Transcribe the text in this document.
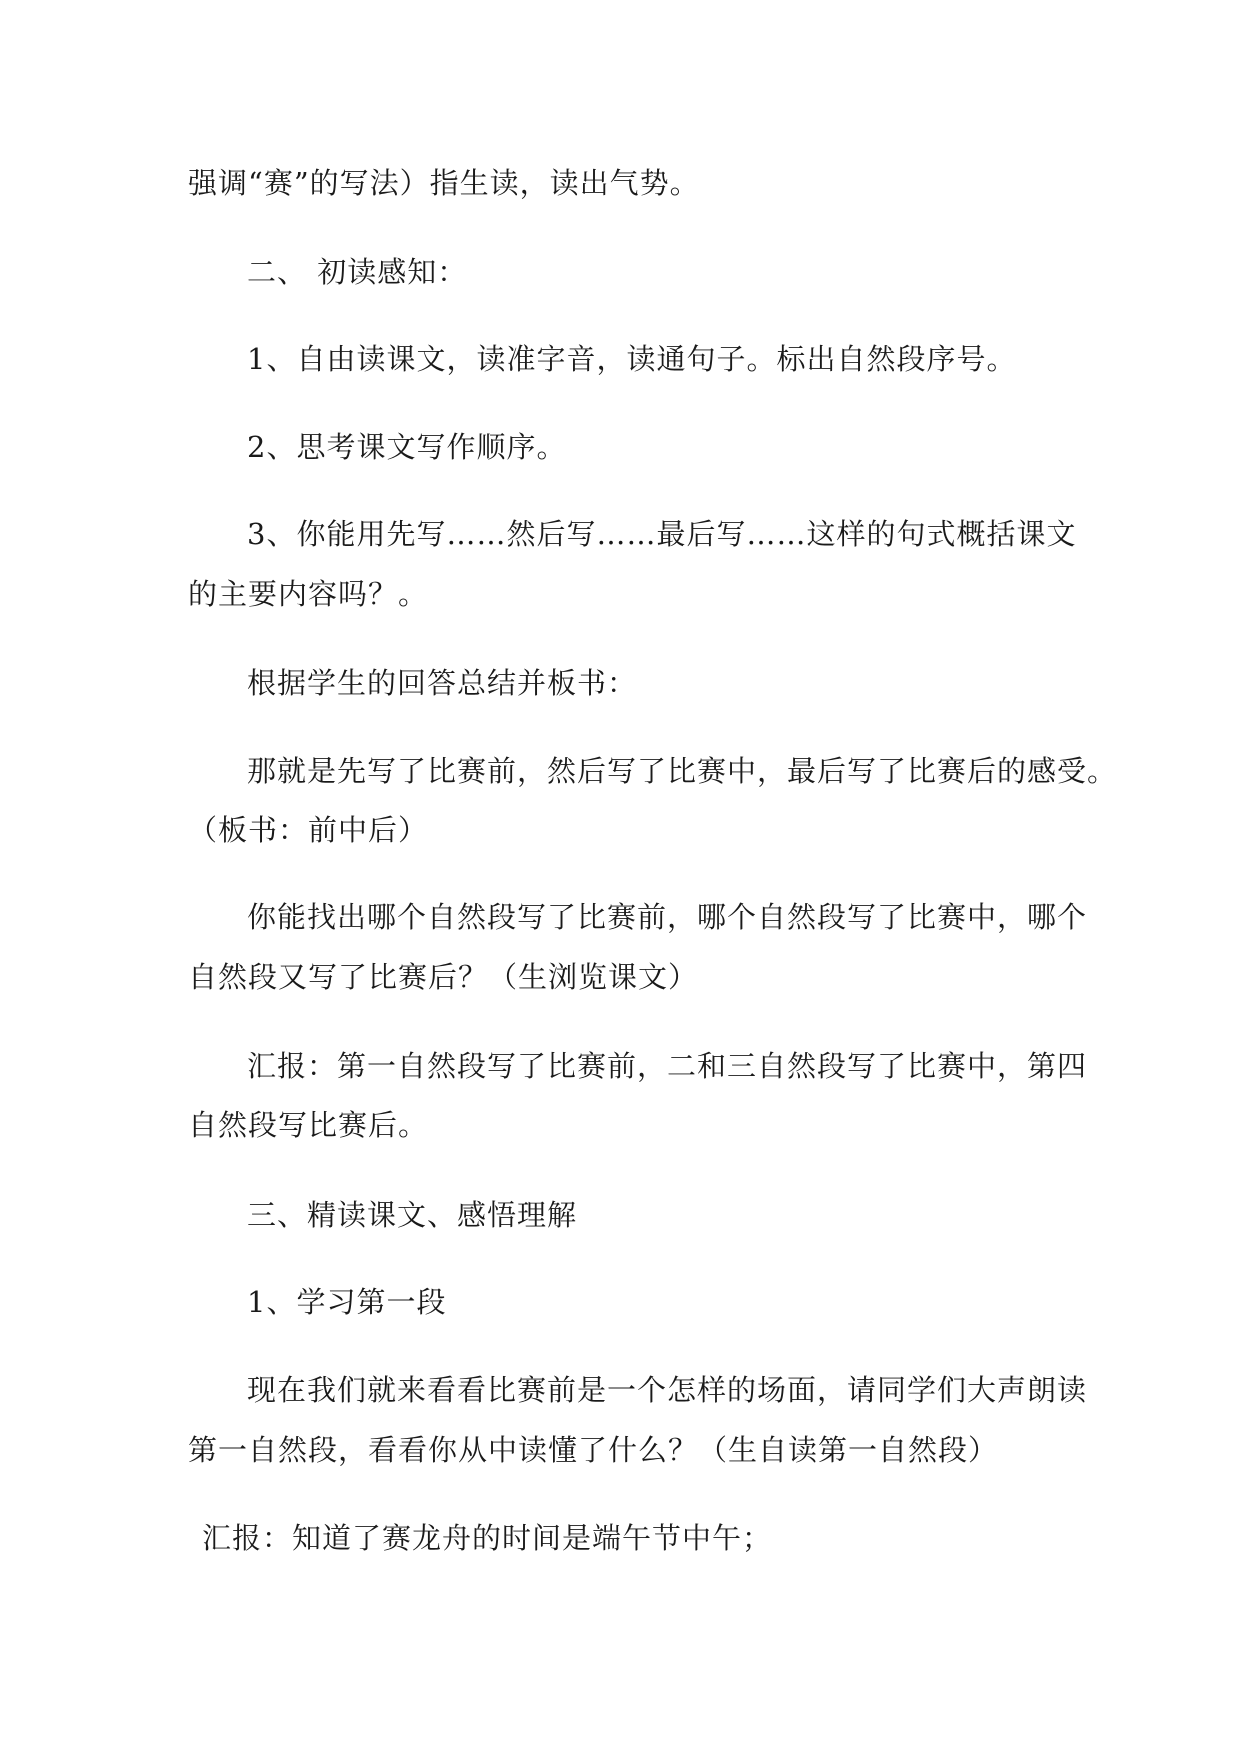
强调“赛”的写法）指生读，读出气势。

二、 初读感知：

1、自由读课文，读准字音，读通句子。标出自然段序号。

2、思考课文写作顺序。

3、你能用先写……然后写……最后写……这样的句式概括课文

的主要内容吗？。

根据学生的回答总结并板书：

那就是先写了比赛前，然后写了比赛中，最后写了比赛后的感受。

（板书：前中后）

你能找出哪个自然段写了比赛前，哪个自然段写了比赛中，哪个

自然段又写了比赛后？（生浏览课文）

汇报：第一自然段写了比赛前，二和三自然段写了比赛中，第四

自然段写比赛后。

三、精读课文、感悟理解

1、学习第一段

现在我们就来看看比赛前是一个怎样的场面，请同学们大声朗读

第一自然段，看看你从中读懂了什么？（生自读第一自然段）

汇报：知道了赛龙舟的时间是端午节中午；
